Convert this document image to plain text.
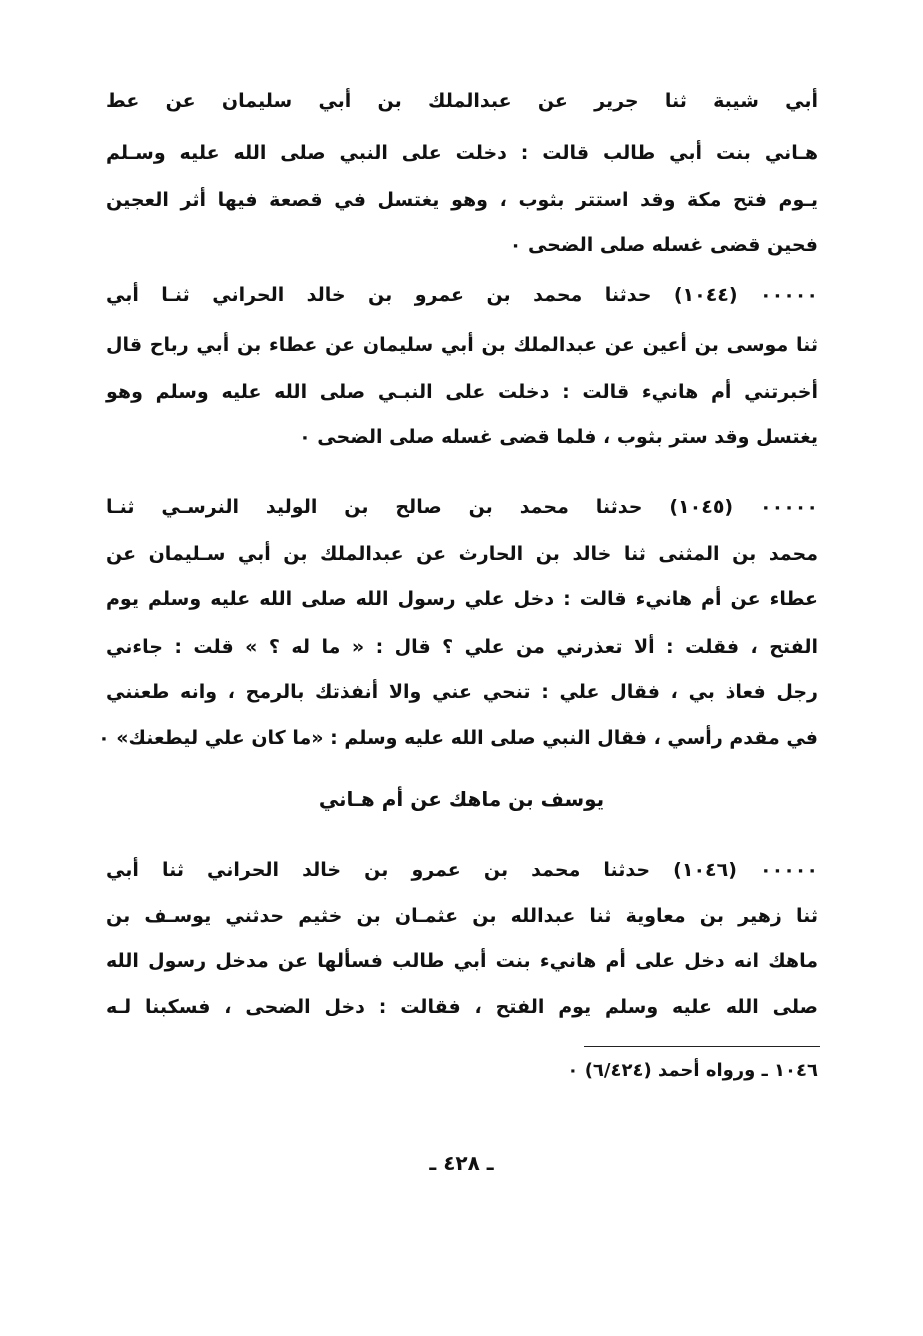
أبي شيبة ثنا جرير عن عبدالملك بن أبي سليمان عن عط
هـاني بنت أبي طالب قالت : دخلت على النبي صلى الله عليه وسـلم
يـوم فتح مكة وقد استتر بثوب ، وهو يغتسل في قصعة فيها أثر العجين
فحين قضى غسله صلى الضحى ٠
٠٠٠٠٠ (١٠٤٤) حدثنا محمد بن عمرو بن خالد الحراني ثنـا أبي
ثنا موسى بن أعين عن عبدالملك بن أبي سليمان عن عطاء بن أبي رباح قال
أخبرتني أم هانيء قالت : دخلت على النبـي صلى الله عليه وسلم وهو
يغتسل وقد ستر بثوب ، فلما قضى غسله صلى الضحى ٠
٠٠٠٠٠ (١٠٤٥) حدثنا محمد بن صالح بن الوليد النرسـي ثنـا
محمد بن المثنى ثنا خالد بن الحارث عن عبدالملك بن أبي سـليمان عن
عطاء عن أم هانيء قالت : دخل علي رسول الله صلى الله عليه وسلم يوم
الفتح ، فقلت : ألا تعذرني من علي ؟ قال : « ما له ؟ » قلت : جاءني
رجل فعاذ بي ، فقال علي : تنحي عني والا أنفذتك بالرمح ، وانه طعنني
في مقدم رأسي ، فقال النبي صلى الله عليه وسلم : «ما كان علي ليطعنك» ٠
يوسف بن ماهك عن أم هـاني
٠٠٠٠٠ (١٠٤٦) حدثنا محمد بن عمرو بن خالد الحراني ثنا أبي
ثنا زهير بن معاوية ثنا عبدالله بن عثمـان بن خثيم حدثني يوسـف بن
ماهك انه دخل على أم هانيء بنت أبي طالب فسألها عن مدخل رسول الله
صلى الله عليه وسلم يوم الفتح ، فقالت : دخل الضحى ، فسكبنا لـه
١٠٤٦ ـ ورواه أحمد (٦/٤٢٤) ٠
ـ ٤٢٨ ـ
